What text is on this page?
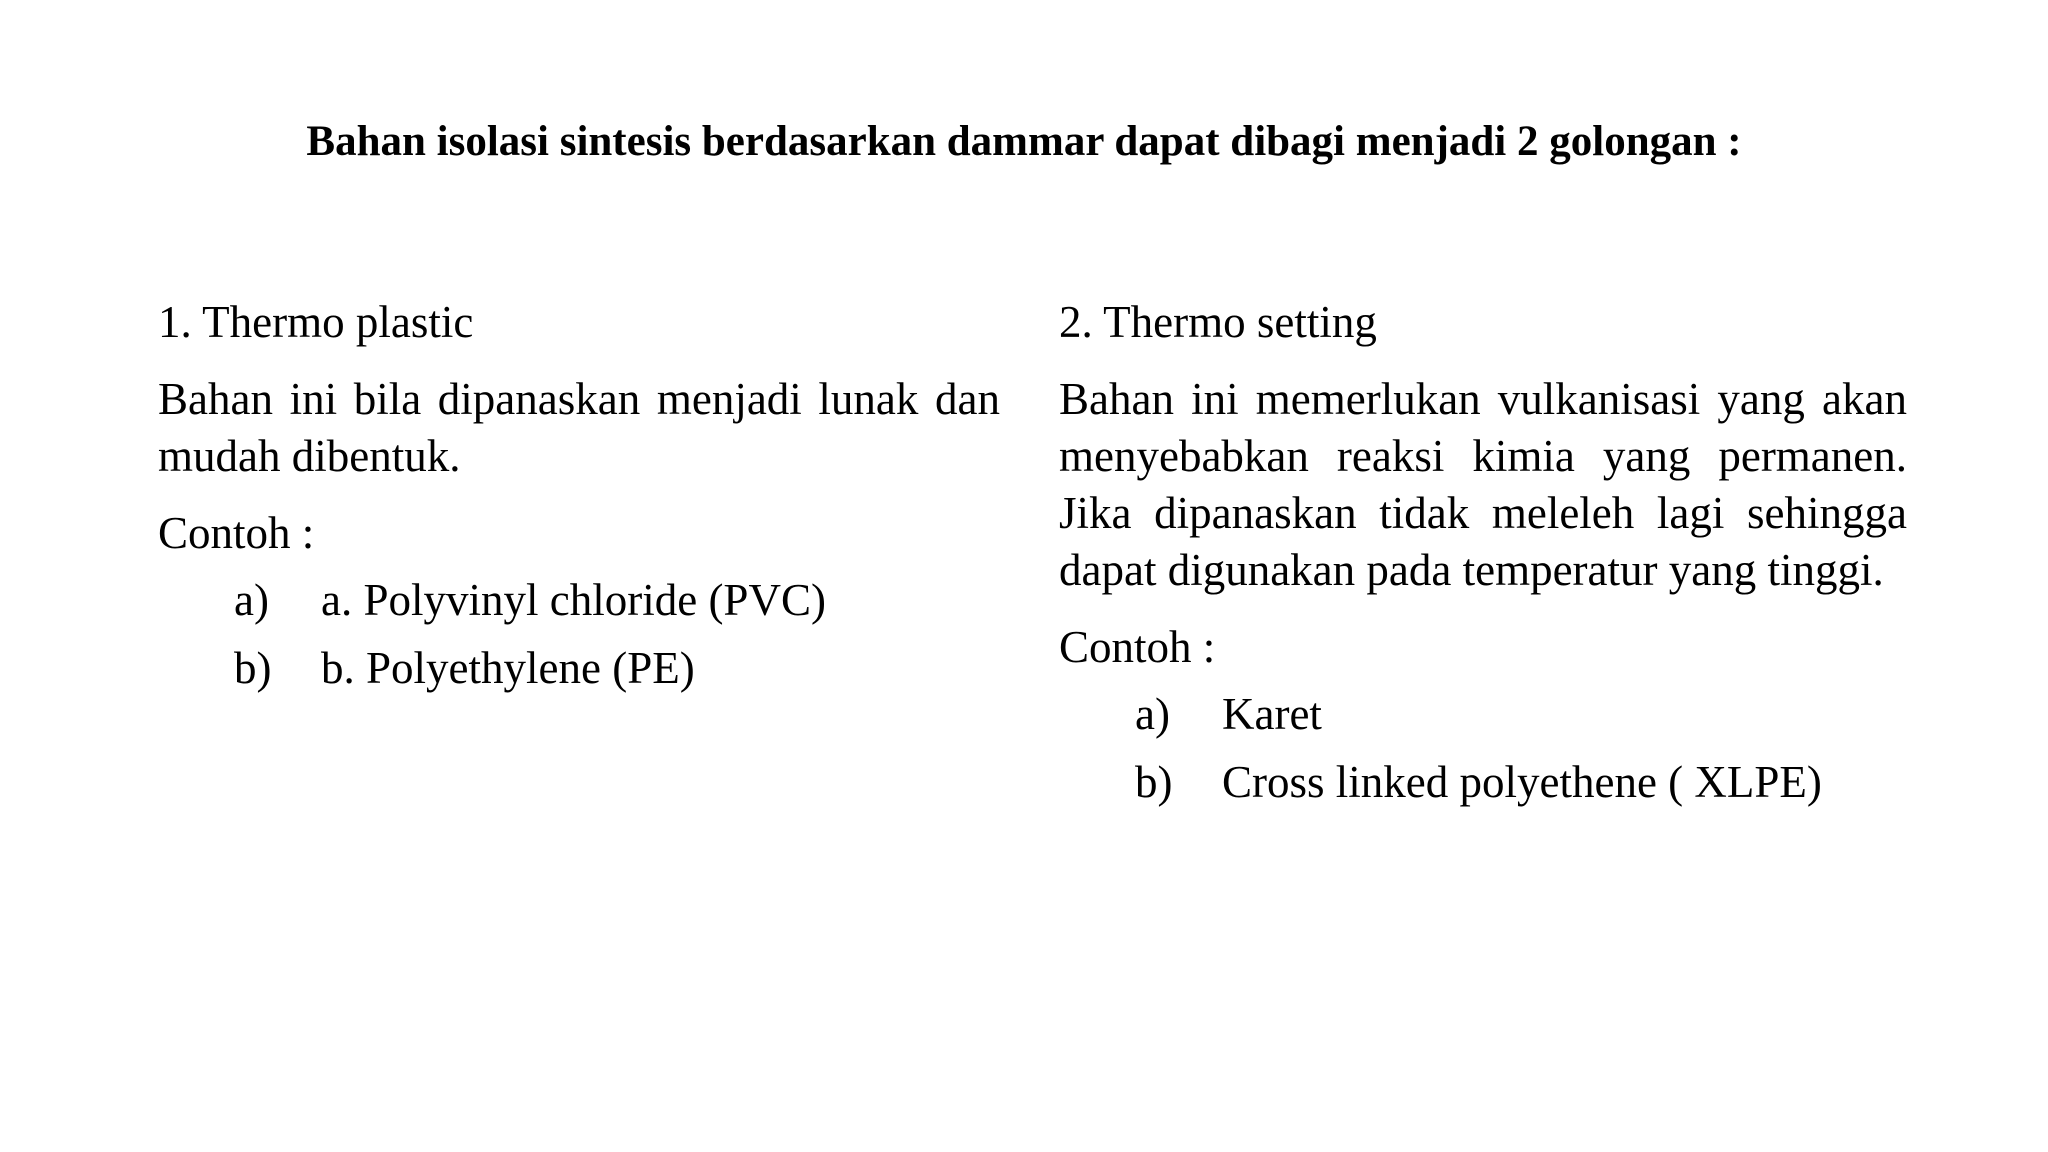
Bahan isolasi sintesis berdasarkan dammar dapat dibagi menjadi 2 golongan :
1. Thermo plastic
Bahan ini bila dipanaskan menjadi lunak dan mudah dibentuk.
Contoh :
a)	a. Polyvinyl chloride (PVC)
b)	b. Polyethylene (PE)
2. Thermo setting
Bahan ini memerlukan vulkanisasi yang akan menyebabkan reaksi kimia yang permanen. Jika dipanaskan tidak meleleh lagi sehingga dapat digunakan pada temperatur yang tinggi.
Contoh :
a)	Karet
b)	Cross linked polyethene ( XLPE)
